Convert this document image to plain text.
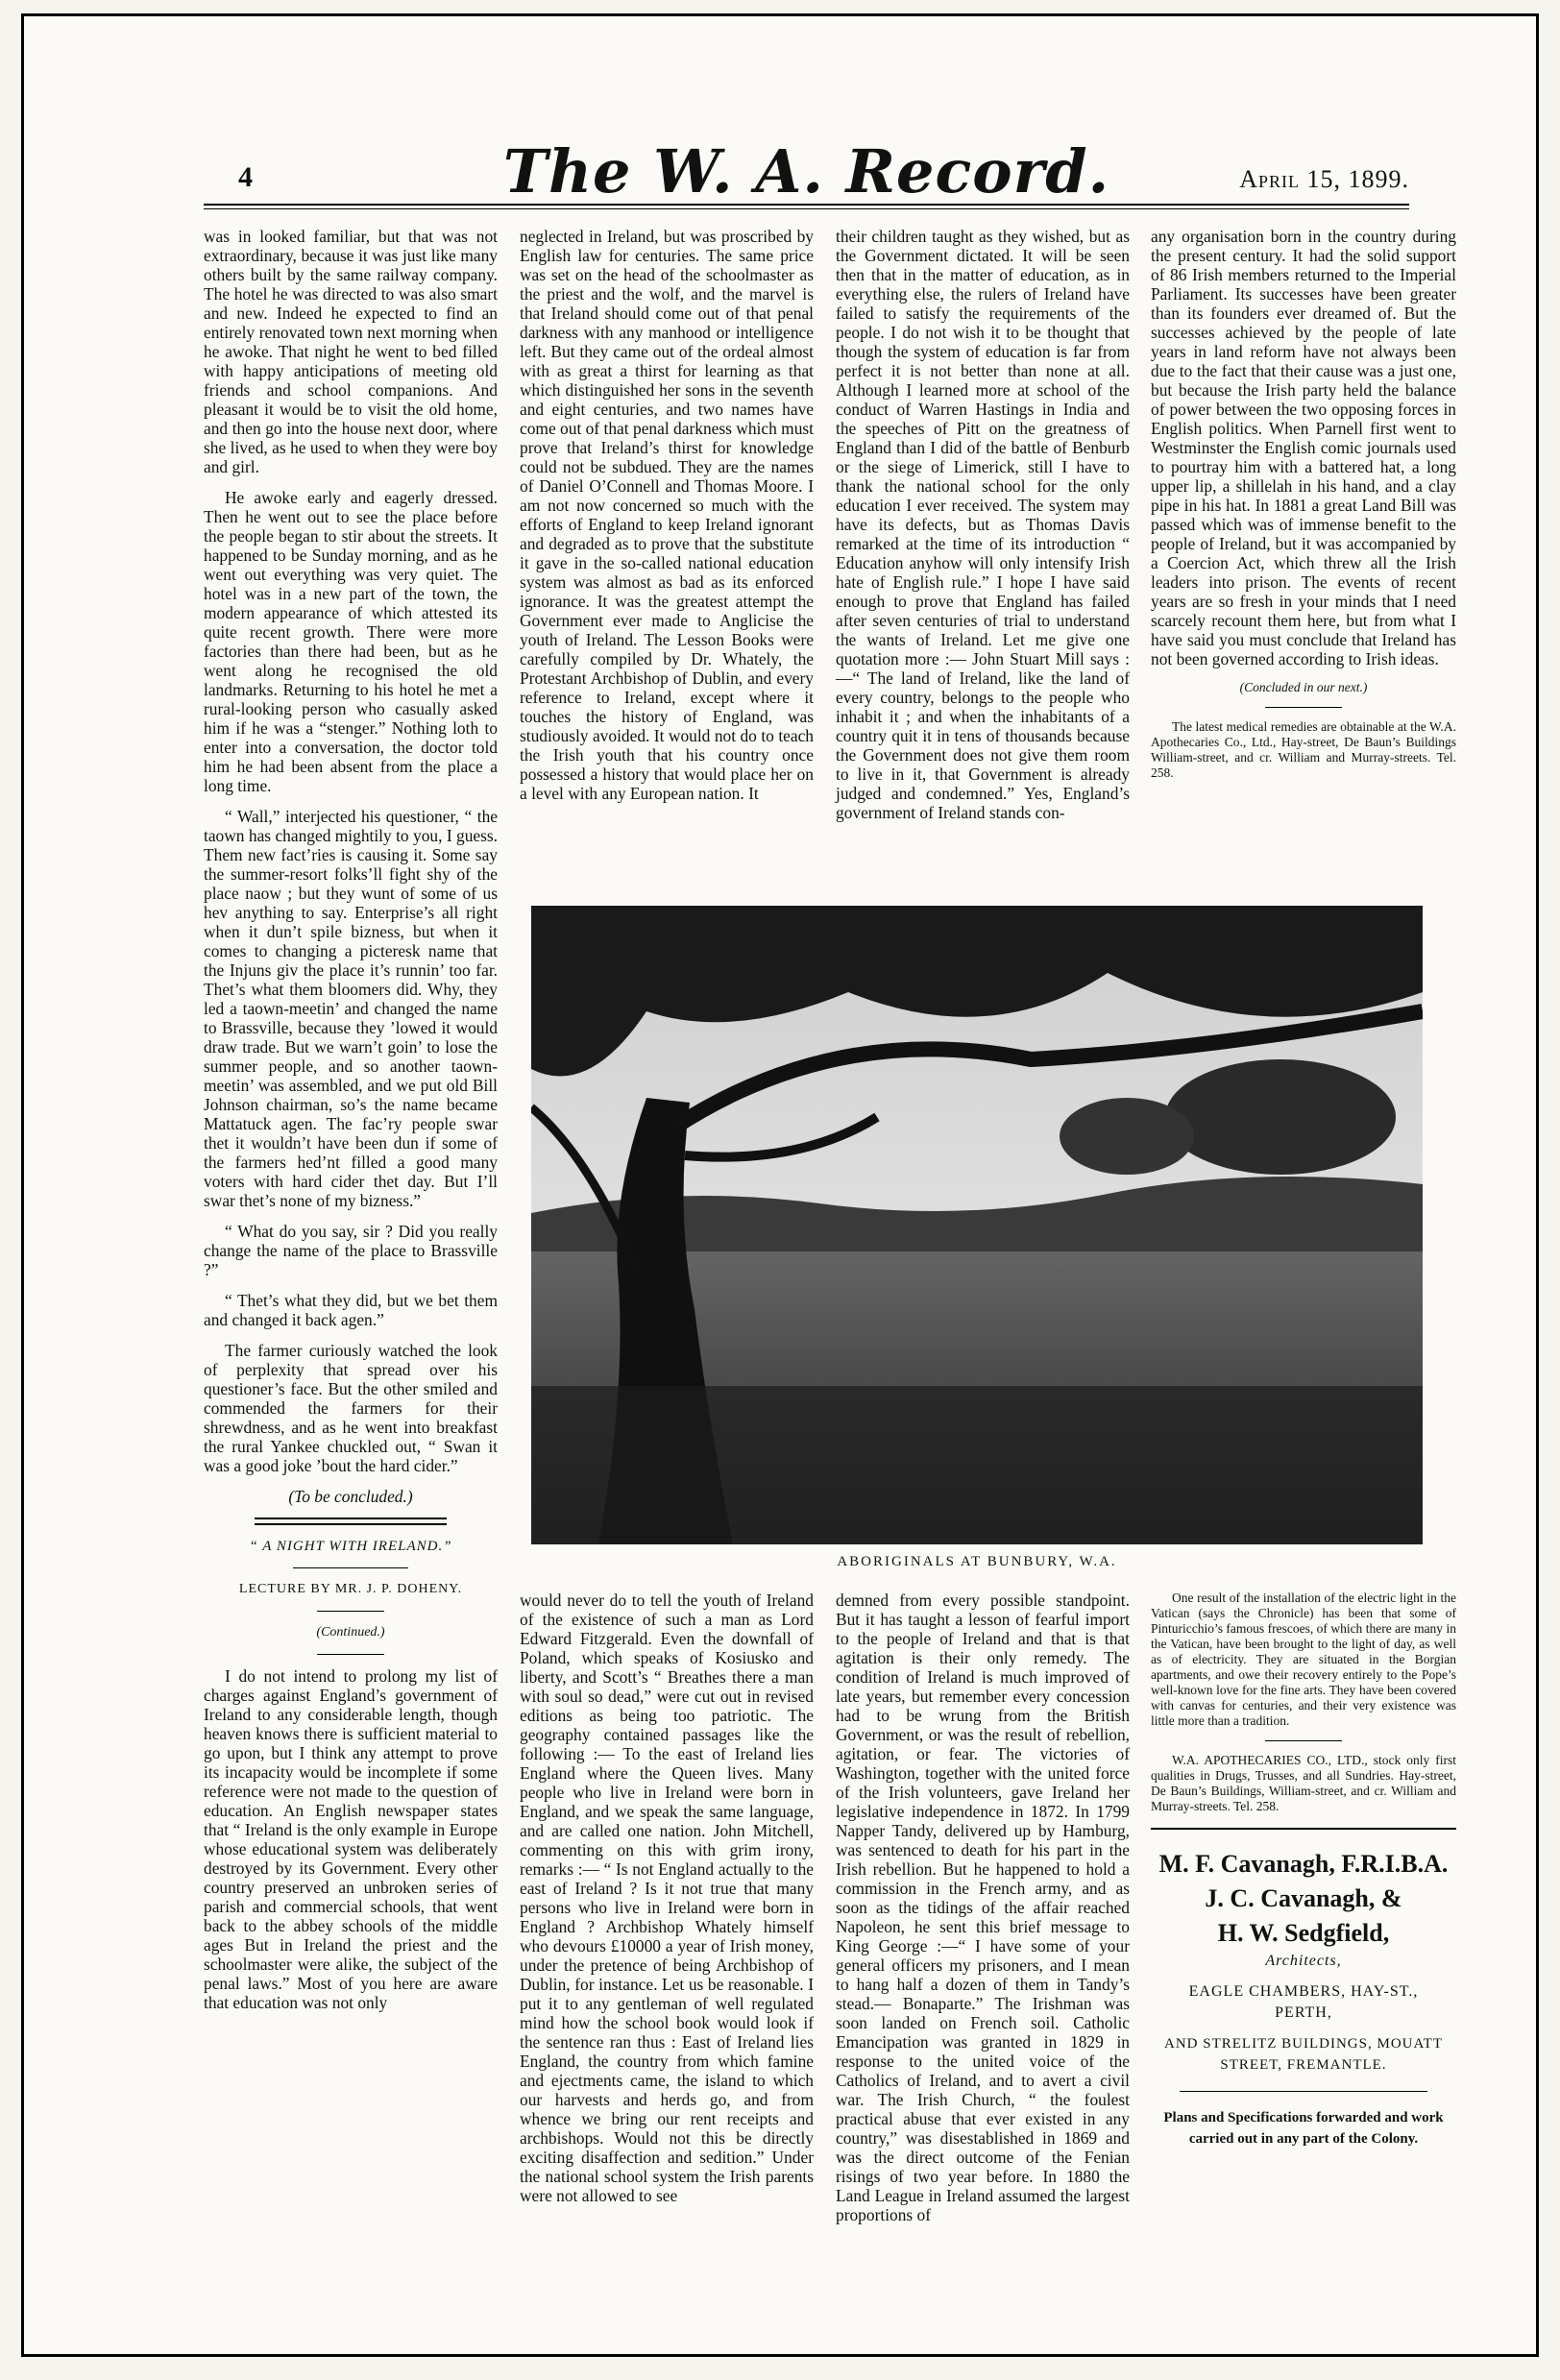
4	The W. A. Record.	April 15, 1899.

was in looked familiar, but that was not extraordinary, because it was just like many others built by the same railway company. The hotel he was directed to was also smart and new. Indeed he expected to find an entirely renovated town next morning when he awoke. That night he went to bed filled with happy anticipations of meeting old friends and school companions. And pleasant it would be to visit the old home, and then go into the house next door, where she lived, as he used to when they were boy and girl.

He awoke early and eagerly dressed. Then he went out to see the place before the people began to stir about the streets. It happened to be Sunday morning, and as he went out everything was very quiet. The hotel was in a new part of the town, the modern appearance of which attested its quite recent growth. There were more factories than there had been, but as he went along he recognised the old landmarks. Returning to his hotel he met a rural-looking person who casually asked him if he was a “stenger.” Nothing loth to enter into a conversation, the doctor told him he had been absent from the place a long time.

“ Wall,” interjected his questioner, “ the taown has changed mightily to you, I guess. Them new fact’ries is causing it. Some say the summer-resort folks’ll fight shy of the place naow ; but they wunt of some of us hev anything to say. Enterprise’s all right when it dun’t spile bizness, but when it comes to changing a picteresk name that the Injuns giv the place it’s runnin’ too far. Thet’s what them bloomers did. Why, they led a taown-meetin’ and changed the name to Brassville, because they ’lowed it would draw trade. But we warn’t goin’ to lose the summer people, and so another taown-meetin’ was assembled, and we put old Bill Johnson chairman, so’s the name became Mattatuck agen. The fac’ry people swar thet it wouldn’t have been dun if some of the farmers hed’nt filled a good many voters with hard cider thet day. But I’ll swar thet’s none of my bizness.”

“ What do you say, sir ? Did you really change the name of the place to Brassville ?”

“ Thet’s what they did, but we bet them and changed it back agen.”

The farmer curiously watched the look of perplexity that spread over his questioner’s face. But the other smiled and commended the farmers for their shrewdness, and as he went into breakfast the rural Yankee chuckled out, “ Swan it was a good joke ’bout the hard cider.”

(To be concluded.)

“ A NIGHT WITH IRELAND.”

LECTURE BY MR. J. P. DOHENY.

(Continued.)

I do not intend to prolong my list of charges against England’s government of Ireland to any considerable length, though heaven knows there is sufficient material to go upon, but I think any attempt to prove its incapacity would be incomplete if some reference were not made to the question of education. An English newspaper states that “ Ireland is the only example in Europe whose educational system was deliberately destroyed by its Government. Every other country preserved an unbroken series of parish and commercial schools, that went back to the abbey schools of the middle ages But in Ireland the priest and the schoolmaster were alike, the subject of the penal laws.” Most of you here are aware that education was not only

neglected in Ireland, but was proscribed by English law for centuries. The same price was set on the head of the schoolmaster as the priest and the wolf, and the marvel is that Ireland should come out of that penal darkness with any manhood or intelligence left. But they came out of the ordeal almost with as great a thirst for learning as that which distinguished her sons in the seventh and eight centuries, and two names have come out of that penal darkness which must prove that Ireland’s thirst for knowledge could not be subdued. They are the names of Daniel O’Connell and Thomas Moore. I am not now concerned so much with the efforts of England to keep Ireland ignorant and degraded as to prove that the substitute it gave in the so-called national education system was almost as bad as its enforced ignorance. It was the greatest attempt the Government ever made to Anglicise the youth of Ireland. The Lesson Books were carefully compiled by Dr. Whately, the Protestant Archbishop of Dublin, and every reference to Ireland, except where it touches the history of England, was studiously avoided. It would not do to teach the Irish youth that his country once possessed a history that would place her on a level with any European nation. It

their children taught as they wished, but as the Government dictated. It will be seen then that in the matter of education, as in everything else, the rulers of Ireland have failed to satisfy the requirements of the people. I do not wish it to be thought that though the system of education is far from perfect it is not better than none at all. Although I learned more at school of the conduct of Warren Hastings in India and the speeches of Pitt on the greatness of England than I did of the battle of Benburb or the siege of Limerick, still I have to thank the national school for the only education I ever received. The system may have its defects, but as Thomas Davis remarked at the time of its introduction “ Education anyhow will only intensify Irish hate of English rule.” I hope I have said enough to prove that England has failed after seven centuries of trial to understand the wants of Ireland. Let me give one quotation more :— John Stuart Mill says :—“ The land of Ireland, like the land of every country, belongs to the people who inhabit it ; and when the inhabitants of a country quit it in tens of thousands because the Government does not give them room to live in it, that Government is already judged and condemned.” Yes, England’s government of Ireland stands con-

any organisation born in the country during the present century. It had the solid support of 86 Irish members returned to the Imperial Parliament. Its successes have been greater than its founders ever dreamed of. But the successes achieved by the people of late years in land reform have not always been due to the fact that their cause was a just one, but because the Irish party held the balance of power between the two opposing forces in English politics. When Parnell first went to Westminster the English comic journals used to pourtray him with a battered hat, a long upper lip, a shillelah in his hand, and a clay pipe in his hat. In 1881 a great Land Bill was passed which was of immense benefit to the people of Ireland, but it was accompanied by a Coercion Act, which threw all the Irish leaders into prison. The events of recent years are so fresh in your minds that I need scarcely recount them here, but from what I have said you must conclude that Ireland has not been governed according to Irish ideas.

(Concluded in our next.)

The latest medical remedies are obtainable at the W.A. Apothecaries Co., Ltd., Hay-street, De Baun’s Buildings William-street, and cr. William and Murray-streets. Tel. 258.

ABORIGINALS AT BUNBURY, W.A.

would never do to tell the youth of Ireland of the existence of such a man as Lord Edward Fitzgerald. Even the downfall of Poland, which speaks of Kosiusko and liberty, and Scott’s “ Breathes there a man with soul so dead,” were cut out in revised editions as being too patriotic. The geography contained passages like the following :— To the east of Ireland lies England where the Queen lives. Many people who live in Ireland were born in England, and we speak the same language, and are called one nation. John Mitchell, commenting on this with grim irony, remarks :— “ Is not England actually to the east of Ireland ? Is it not true that many persons who live in Ireland were born in England ? Archbishop Whately himself who devours £10000 a year of Irish money, under the pretence of being Archbishop of Dublin, for instance. Let us be reasonable. I put it to any gentleman of well regulated mind how the school book would look if the sentence ran thus : East of Ireland lies England, the country from which famine and ejectments came, the island to which our harvests and herds go, and from whence we bring our rent receipts and archbishops. Would not this be directly exciting disaffection and sedition.” Under the national school system the Irish parents were not allowed to see

demned from every possible standpoint. But it has taught a lesson of fearful import to the people of Ireland and that is that agitation is their only remedy. The condition of Ireland is much improved of late years, but remember every concession had to be wrung from the British Government, or was the result of rebellion, agitation, or fear. The victories of Washington, together with the united force of the Irish volunteers, gave Ireland her legislative independence in 1872. In 1799 Napper Tandy, delivered up by Hamburg, was sentenced to death for his part in the Irish rebellion. But he happened to hold a commission in the French army, and as soon as the tidings of the affair reached Napoleon, he sent this brief message to King George :—“ I have some of your general officers my prisoners, and I mean to hang half a dozen of them in Tandy’s stead.— Bonaparte.” The Irishman was soon landed on French soil. Catholic Emancipation was granted in 1829 in response to the united voice of the Catholics of Ireland, and to avert a civil war. The Irish Church, “ the foulest practical abuse that ever existed in any country,” was disestablished in 1869 and was the direct outcome of the Fenian risings of two year before. In 1880 the Land League in Ireland assumed the largest proportions of

One result of the installation of the electric light in the Vatican (says the Chronicle) has been that some of Pinturicchio’s famous frescoes, of which there are many in the Vatican, have been brought to the light of day, as well as of electricity. They are situated in the Borgian apartments, and owe their recovery entirely to the Pope’s well-known love for the fine arts. They have been covered with canvas for centuries, and their very existence was little more than a tradition.

W.A. APOTHECARIES CO., LTD., stock only first qualities in Drugs, Trusses, and all Sundries. Hay-street, De Baun’s Buildings, William-street, and cr. William and Murray-streets. Tel. 258.

M. F. Cavanagh, F.R.I.B.A.
J. C. Cavanagh, &
H. W. Sedgfield,
Architects,
EAGLE CHAMBERS, HAY-ST.,
PERTH,
AND STRELITZ BUILDINGS, MOUATT STREET, FREMANTLE.
Plans and Specifications forwarded and work carried out in any part of the Colony.
